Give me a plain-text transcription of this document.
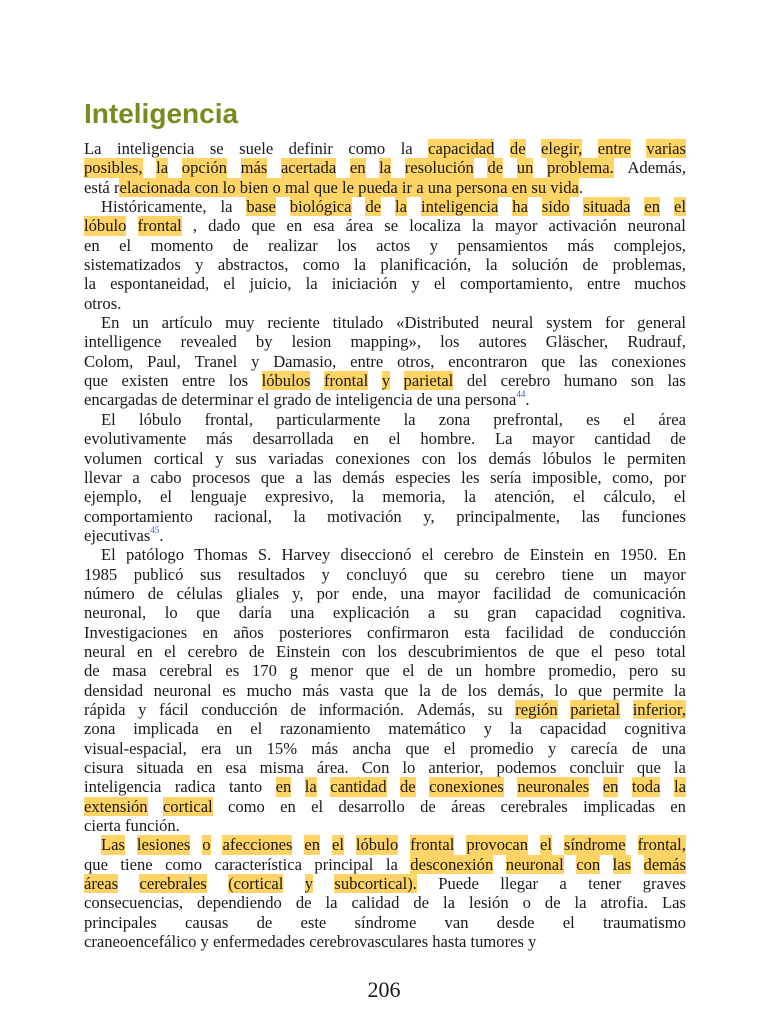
Inteligencia
La inteligencia se suele definir como la capacidad de elegir, entre varias
posibles, la opción más acertada en la resolución de un problema. Además,
está relacionada con lo bien o mal que le pueda ir a una persona en su vida.
Históricamente, la base biológica de la inteligencia ha sido situada en el
lóbulo frontal , dado que en esa área se localiza la mayor activación neuronal
en el momento de realizar los actos y pensamientos más complejos,
sistematizados y abstractos, como la planificación, la solución de problemas,
la espontaneidad, el juicio, la iniciación y el comportamiento, entre muchos
otros.
En un artículo muy reciente titulado «Distributed neural system for general
intelligence revealed by lesion mapping», los autores Gläscher, Rudrauf,
Colom, Paul, Tranel y Damasio, entre otros, encontraron que las conexiones
que existen entre los lóbulos frontal y parietal del cerebro humano son las
encargadas de determinar el grado de inteligencia de una persona$^{44}$.
El lóbulo frontal, particularmente la zona prefrontal, es el área
evolutivamente más desarrollada en el hombre. La mayor cantidad de
volumen cortical y sus variadas conexiones con los demás lóbulos le permiten
llevar a cabo procesos que a las demás especies les sería imposible, como, por
ejemplo, el lenguaje expresivo, la memoria, la atención, el cálculo, el
comportamiento racional, la motivación y, principalmente, las funciones
ejecutivas$^{45}$.
El patólogo Thomas S. Harvey diseccionó el cerebro de Einstein en 1950. En
1985 publicó sus resultados y concluyó que su cerebro tiene un mayor
número de células gliales y, por ende, una mayor facilidad de comunicación
neuronal, lo que daría una explicación a su gran capacidad cognitiva.
Investigaciones en años posteriores confirmaron esta facilidad de conducción
neural en el cerebro de Einstein con los descubrimientos de que el peso total
de masa cerebral es 170 g menor que el de un hombre promedio, pero su
densidad neuronal es mucho más vasta que la de los demás, lo que permite la
rápida y fácil conducción de información. Además, su región parietal inferior,
zona implicada en el razonamiento matemático y la capacidad cognitiva
visual-espacial, era un 15% más ancha que el promedio y carecía de una
cisura situada en esa misma área. Con lo anterior, podemos concluir que la
inteligencia radica tanto en la cantidad de conexiones neuronales en toda la
extensión cortical como en el desarrollo de áreas cerebrales implicadas en
cierta función.
Las lesiones o afecciones en el lóbulo frontal provocan el síndrome frontal,
que tiene como característica principal la desconexión neuronal con las demás
áreas cerebrales (cortical y subcortical). Puede llegar a tener graves
consecuencias, dependiendo de la calidad de la lesión o de la atrofia. Las
principales causas de este síndrome van desde el traumatismo
craneoencefálico y enfermedades cerebrovasculares hasta tumores y
206
